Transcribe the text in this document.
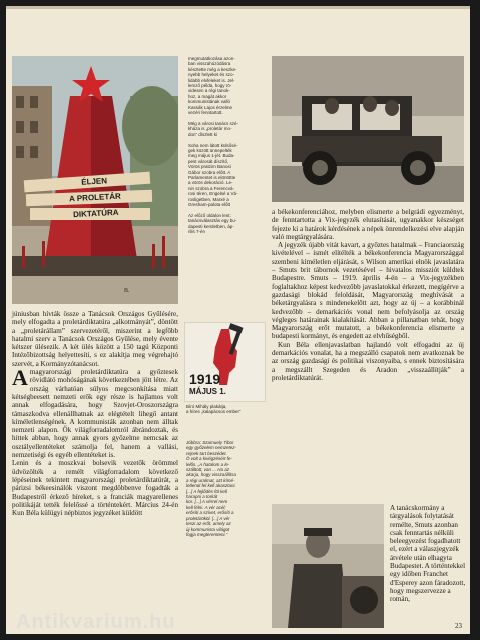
B.
ÉLJEN
A PROLETÁR
DIKTATÚRA
megmutatkozása azon-
ban visszahúzódásra
késztette még a keszke-
nyebb helyeket és szo-
lidabb elvfeleket is. Jel-
lemző példa, hogy rö-
videsen a régi tanok-
hoz, a magát akkor
kommunistának valló
Kassák Lajos érzelme
vezéri fenntartott.

Még a városi tanács szé-
kháza is „proletár mo-
don” díszlett ki

Soha nem látott külsősé-
gek között ünnepelték
meg május 1-jét. Buda-
pest városát díszítő,
Vörös pratzim Banosi
Gábor szobra előtt. A
Parlamentet is elöntötte
a vörös dekoráció. Le-
nin szobra a Ferencvá-
rosi téren, Engelsé a Vá-
rosligetben, Marxé a
Gresham-palota előtt

Az előző oldalon lent:
tanácsválasztás egy bu-
dapesti kerületben, áp-
rilis 7-én

a békekonferenciához, melyben elismerte a belgrádi egyezményt, de fenntartotta a Vix-jegyzék elutasítását, ugyanakkor készséget fejezte ki a határok kérdésének a népek önrendelkezési elve alapján való megtárgyalására.

A jegyzék újabb vitát kavart, a győztes hatalmak – Franciaország kivételével – ismét elítélték a békekonferencia Magyarországgal szembeni kíméletlen eljárását, s Wilson amerikai elnök javaslatára – Smuts brit tábornok vezetésével – hivatalos missziót küldtek Budapestre. Smuts – 1919. április 4-én – a Vix-jegyzékben foglaltakhoz képest kedvezőbb javaslatokkal érkezett, megígérve a gazdasági blokád feloldását, Magyarország meghívását a béketárgyalásra s mindenekelőtt azt, hogy az új – a korábbinál kedvezőbb – demarkációs vonal nem befolyásolja az ország végleges határainak kialakítását. Abban a pillanatban tehát, hogy Magyarország erőt mutatott, a békekonferencia elismerte a budapesti kormányt, és engedett az elvhűségből.

Kun Béla ellenjavaslatban hajlandó volt elfogadni az új demarkációs vonalat, ha a megszálló csapatok nem avatkoznak be az ország gazdasági és politikai viszonyaiba, s ennek biztosítására a megszállt Szegeden és Aradon „visszaállítják” a proletárdiktatúrát.

júniusban hívták össze a Tanácsok Országos Gyűlésére, mely elfogadta a proletárdiktatúra „alkotmányát”, döntött a „proletárállam” szervezetéről, miszerint a legfőbb hatalmi szerv a Tanácsok Országos Gyűlése, mely évente kétszer ülésezik. A két ülés között a 150 tagú Központi Intézőbizottság helyettesíti, s ez alakítja meg végrehajtó szervét, a Kormányzótanácsot.

Amagyarországi proletárdiktatúra a győztesek rövidlátó mohóságának következtében jött létre. Az ország várhatóan súlyos megcsonkítása miatt kétségbeesett nemzeti erők egy része is hajlamos volt annak elfogadására, hogy Szovjet-Oroszországra támaszkodva ellenállhatnak az elégtételt lihegő antant kíméletlenségének. A kommunisták azonban nem álltak nemzeti alapon. Ők világforradalomról ábrándoztak, és hittek abban, hogy annak gyors győzelme nemcsak az osztályellentéteket számolja fel, hanem a vallási, nemzetiségi és egyéb ellentéteket is.

Lenin és a moszkvai bolsevik vezetők örömmel üdvözölték a remélt világforradalom következő lépéseinek tekintett magyarországi proletárdiktatúrát, a párizsi békeesinálók viszont megdöbbenve fogadták a Budapestről érkező híreket, s a franciák magyarellenes politikáját tették felelőssé a történtekért. Március 24-én Kun Béla külügyi népbiztos jegyzéket küldött

1919
MÁJUS 1.
Bíró Mihály plakátja,
a híres „kalapácsos ember”
Jóbbra: Szamuely Tibor
egy győzelem nemzetez-
rejnek tart beszédet.
Ö volt a kivégzésért fe-
lelős. „A hatalom a le-
szálltott, van ... Ha az
akarja, hogy visszaállítsa
a régi uralmat, azt kímé-
letlenül fel kell akasztani.
[...] A fejlődés föl kell
harapni a torkát
kor. [...] A vérrel nem
kell félni. A vér acél;
erősíti a szívet, erősíti a
proletárököl. [...] A vér
teszi az erőt, amely az
új kommunista világot
fogja megteremteni.”
A tanácskormány a tárgyalások folytatását remélte, Smuts azonban csak fenntartás nélküli beleegyezést fogadhatott el, ezért a válaszjegyzék átvétele után elhagyta Budapestet. A történtekkel egy időben Franchet d'Esperey azon fáradozott, hogy megszervezze a román,
Antikvarium.hu	23
